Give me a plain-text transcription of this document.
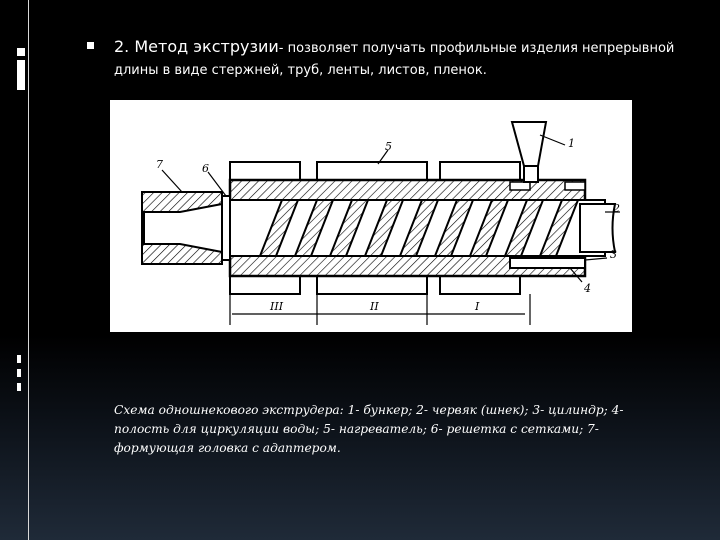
2. Метод экструзии- позволяет получать профильные изделия непрерывной
длины в виде стержней, труб, ленты, листов, пленок.
1
2
3
4
5
6
7
III	II	I
Схема одношнекового экструдера: 1- бункер; 2- червяк (шнек); 3- цилиндр; 4- полость для циркуляции воды; 5- нагреватель; 6- решетка с сетками; 7- формующая головка с адаптером.
